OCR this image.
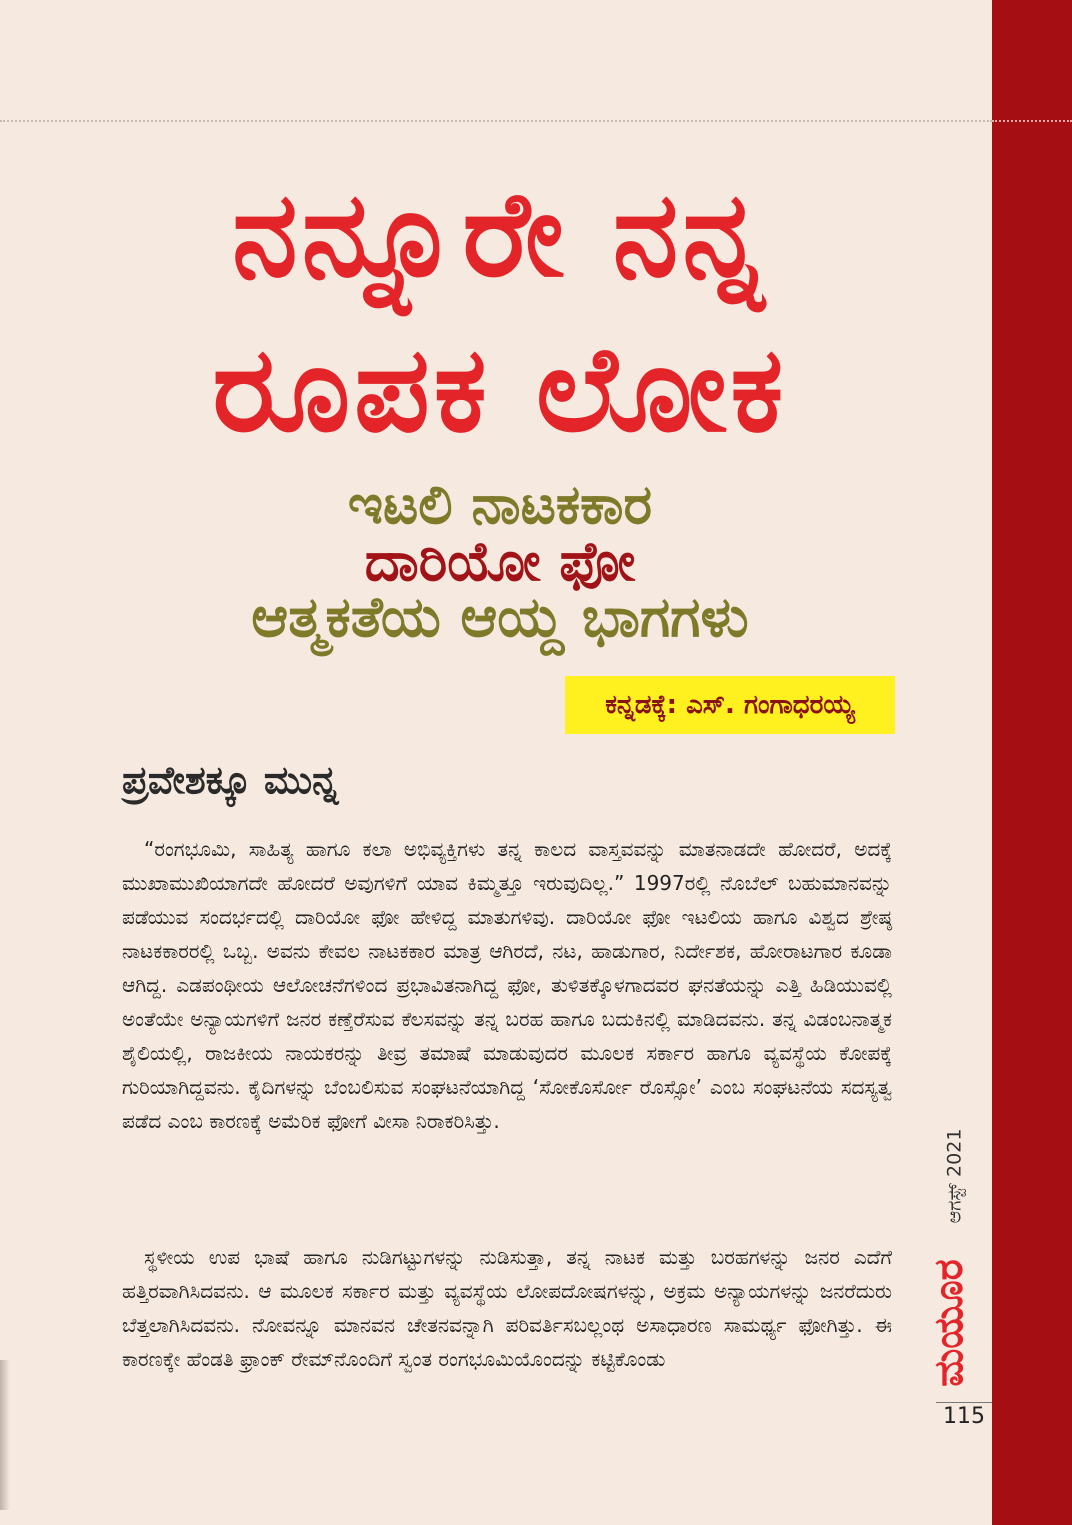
ನನ್ನೂರೇ ನನ್ನ
ರೂಪಕ ಲೋಕ
ಇಟಲಿ ನಾಟಕಕಾರ
ದಾರಿಯೋ ಫೋ
ಆತ್ಮಕತೆಯ ಆಯ್ದ ಭಾಗಗಳು
ಕನ್ನಡಕ್ಕೆ: ಎಸ್. ಗಂಗಾಧರಯ್ಯ
ಪ್ರವೇಶಕ್ಕೂ ಮುನ್ನ

“ರಂಗಭೂಮಿ, ಸಾಹಿತ್ಯ ಹಾಗೂ ಕಲಾ ಅಭಿವ್ಯಕ್ತಿಗಳು ತನ್ನ ಕಾಲದ ವಾಸ್ತವವನ್ನು ಮಾತನಾಡದೇ ಹೋದರೆ, ಅದಕ್ಕೆ ಮುಖಾಮುಖಿಯಾಗದೇ ಹೋದರೆ ಅವುಗಳಿಗೆ ಯಾವ ಕಿಮ್ಮತ್ತೂ ಇರುವುದಿಲ್ಲ.” 1997ರಲ್ಲಿ ನೊಬೆಲ್ ಬಹುಮಾನವನ್ನು ಪಡೆಯುವ ಸಂದರ್ಭದಲ್ಲಿ ದಾರಿಯೋ ಫೋ ಹೇಳಿದ್ದ ಮಾತುಗಳಿವು. ದಾರಿಯೋ ಫೋ ಇಟಲಿಯ ಹಾಗೂ ವಿಶ್ವದ ಶ್ರೇಷ್ಠ ನಾಟಕಕಾರರಲ್ಲಿ ಒಬ್ಬ. ಅವನು ಕೇವಲ ನಾಟಕಕಾರ ಮಾತ್ರ ಆಗಿರದೆ, ನಟ, ಹಾಡುಗಾರ, ನಿರ್ದೇಶಕ, ಹೋರಾಟಗಾರ ಕೂಡಾ ಆಗಿದ್ದ. ಎಡಪಂಥೀಯ ಆಲೋಚನೆಗಳಿಂದ ಪ್ರಭಾವಿತನಾಗಿದ್ದ ಫೋ, ತುಳಿತಕ್ಕೊಳಗಾದವರ ಘನತೆಯನ್ನು ಎತ್ತಿ ಹಿಡಿಯುವಲ್ಲಿ ಅಂತೆಯೇ ಅನ್ಯಾಯಗಳಿಗೆ ಜನರ ಕಣ್ತೆರೆಸುವ ಕೆಲಸವನ್ನು ತನ್ನ ಬರಹ ಹಾಗೂ ಬದುಕಿನಲ್ಲಿ ಮಾಡಿದವನು. ತನ್ನ ವಿಡಂಬನಾತ್ಮಕ ಶೈಲಿಯಲ್ಲಿ, ರಾಜಕೀಯ ನಾಯಕರನ್ನು ತೀವ್ರ ತಮಾಷೆ ಮಾಡುವುದರ ಮೂಲಕ ಸರ್ಕಾರ ಹಾಗೂ ವ್ಯವಸ್ಥೆಯ ಕೋಪಕ್ಕೆ ಗುರಿಯಾಗಿದ್ದವನು. ಕೈದಿಗಳನ್ನು ಬೆಂಬಲಿಸುವ ಸಂಘಟನೆಯಾಗಿದ್ದ ‘ಸೋಕೊರ್ಸೋ ರೊಸ್ಸೋ’ ಎಂಬ ಸಂಘಟನೆಯ ಸದಸ್ಯತ್ವ ಪಡೆದ ಎಂಬ ಕಾರಣಕ್ಕೆ ಅಮೆರಿಕ ಫೋಗೆ ವೀಸಾ ನಿರಾಕರಿಸಿತ್ತು.

ಸ್ಥಳೀಯ ಉಪ ಭಾಷೆ ಹಾಗೂ ನುಡಿಗಟ್ಟುಗಳನ್ನು ನುಡಿಸುತ್ತಾ, ತನ್ನ ನಾಟಕ ಮತ್ತು ಬರಹಗಳನ್ನು ಜನರ ಎದೆಗೆ ಹತ್ತಿರವಾಗಿಸಿದವನು. ಆ ಮೂಲಕ ಸರ್ಕಾರ ಮತ್ತು ವ್ಯವಸ್ಥೆಯ ಲೋಪದೋಷಗಳನ್ನು, ಅಕ್ರಮ ಅನ್ಯಾಯಗಳನ್ನು ಜನರೆದುರು ಬೆತ್ತಲಾಗಿಸಿದವನು. ನೋವನ್ನೂ ಮಾನವನ ಚೇತನವನ್ನಾಗಿ ಪರಿವರ್ತಿಸಬಲ್ಲಂಥ ಅಸಾಧಾರಣ ಸಾಮರ್ಥ್ಯ ಫೋಗಿತ್ತು. ಈ ಕಾರಣಕ್ಕೇ ಹೆಂಡತಿ ಫ್ರಾಂಕ್ ರೇಮ್‌ನೊಂದಿಗೆ ಸ್ವಂತ ರಂಗಭೂಮಿಯೊಂದನ್ನು ಕಟ್ಟಿಕೊಂಡು

ಆಗಸ್ಟ್ 2021
ಮಯೂರ
115
